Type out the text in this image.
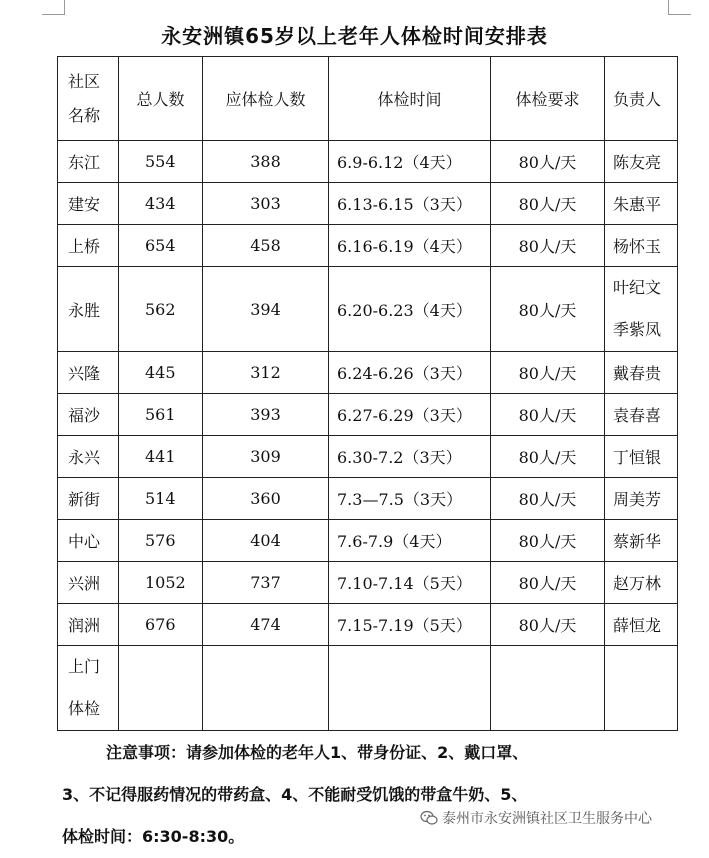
永安洲镇65岁以上老年人体检时间安排表
社区
名称	总人数	应体检人数	体检时间	体检要求	负责人
东江	554	388	6.9-6.12（4天）	80人/天	陈友亮
建安	434	303	6.13-6.15（3天）	80人/天	朱惠平
上桥	654	458	6.16-6.19（4天）	80人/天	杨怀玉
永胜	562	394	6.20-6.23（4天）	80人/天	叶纪文
季紫凤

兴隆	445	312	6.24-6.26（3天）	80人/天	戴春贵
福沙	561	393	6.27-6.29（3天）	80人/天	袁春喜
永兴	441	309	6.30-7.2（3天）	80人/天	丁恒银
新街	514	360	7.3—7.5（3天）	80人/天	周美芳
中心	576	404	7.6-7.9（4天）	80人/天	蔡新华
兴洲	1052	737	7.10-7.14（5天）	80人/天	赵万林
润洲	676	474	7.15-7.19（5天）	80人/天	薛恒龙

上门
体检					

注意事项：请参加体检的老年人1、带身份证、2、戴口罩、
3、不记得服药情况的带药盒、4、不能耐受饥饿的带盒牛奶、5、
体检时间：6:30-8:30。
泰州市永安洲镇社区卫生服务中心
